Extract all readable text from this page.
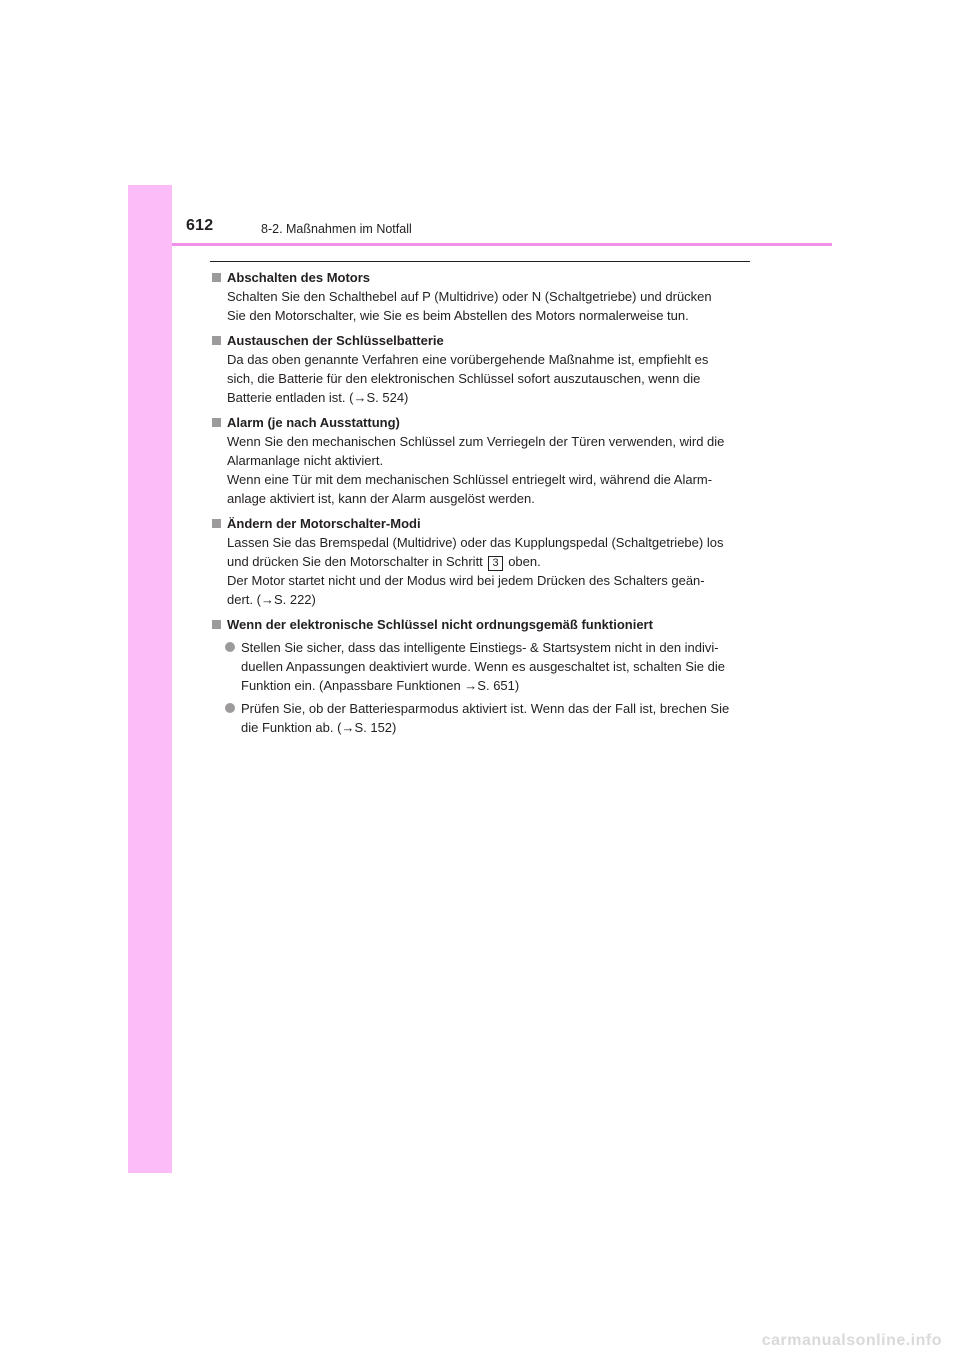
612	8-2. Maßnahmen im Notfall
Abschalten des Motors
Schalten Sie den Schalthebel auf P (Multidrive) oder N (Schaltgetriebe) und drücken
Sie den Motorschalter, wie Sie es beim Abstellen des Motors normalerweise tun.
Austauschen der Schlüsselbatterie
Da das oben genannte Verfahren eine vorübergehende Maßnahme ist, empfiehlt es
sich, die Batterie für den elektronischen Schlüssel sofort auszutauschen, wenn die
Batterie entladen ist. (→S. 524)
Alarm (je nach Ausstattung)
Wenn Sie den mechanischen Schlüssel zum Verriegeln der Türen verwenden, wird die
Alarmanlage nicht aktiviert.
Wenn eine Tür mit dem mechanischen Schlüssel entriegelt wird, während die Alarm-
anlage aktiviert ist, kann der Alarm ausgelöst werden.
Ändern der Motorschalter-Modi
Lassen Sie das Bremspedal (Multidrive) oder das Kupplungspedal (Schaltgetriebe) los
und drücken Sie den Motorschalter in Schritt 3 oben.
Der Motor startet nicht und der Modus wird bei jedem Drücken des Schalters geän-
dert. (→S. 222)
Wenn der elektronische Schlüssel nicht ordnungsgemäß funktioniert
Stellen Sie sicher, dass das intelligente Einstiegs- & Startsystem nicht in den indivi-
duellen Anpassungen deaktiviert wurde. Wenn es ausgeschaltet ist, schalten Sie die
Funktion ein. (Anpassbare Funktionen →S. 651)
Prüfen Sie, ob der Batteriesparmodus aktiviert ist. Wenn das der Fall ist, brechen Sie
die Funktion ab. (→S. 152)
carmanualsonline.info
